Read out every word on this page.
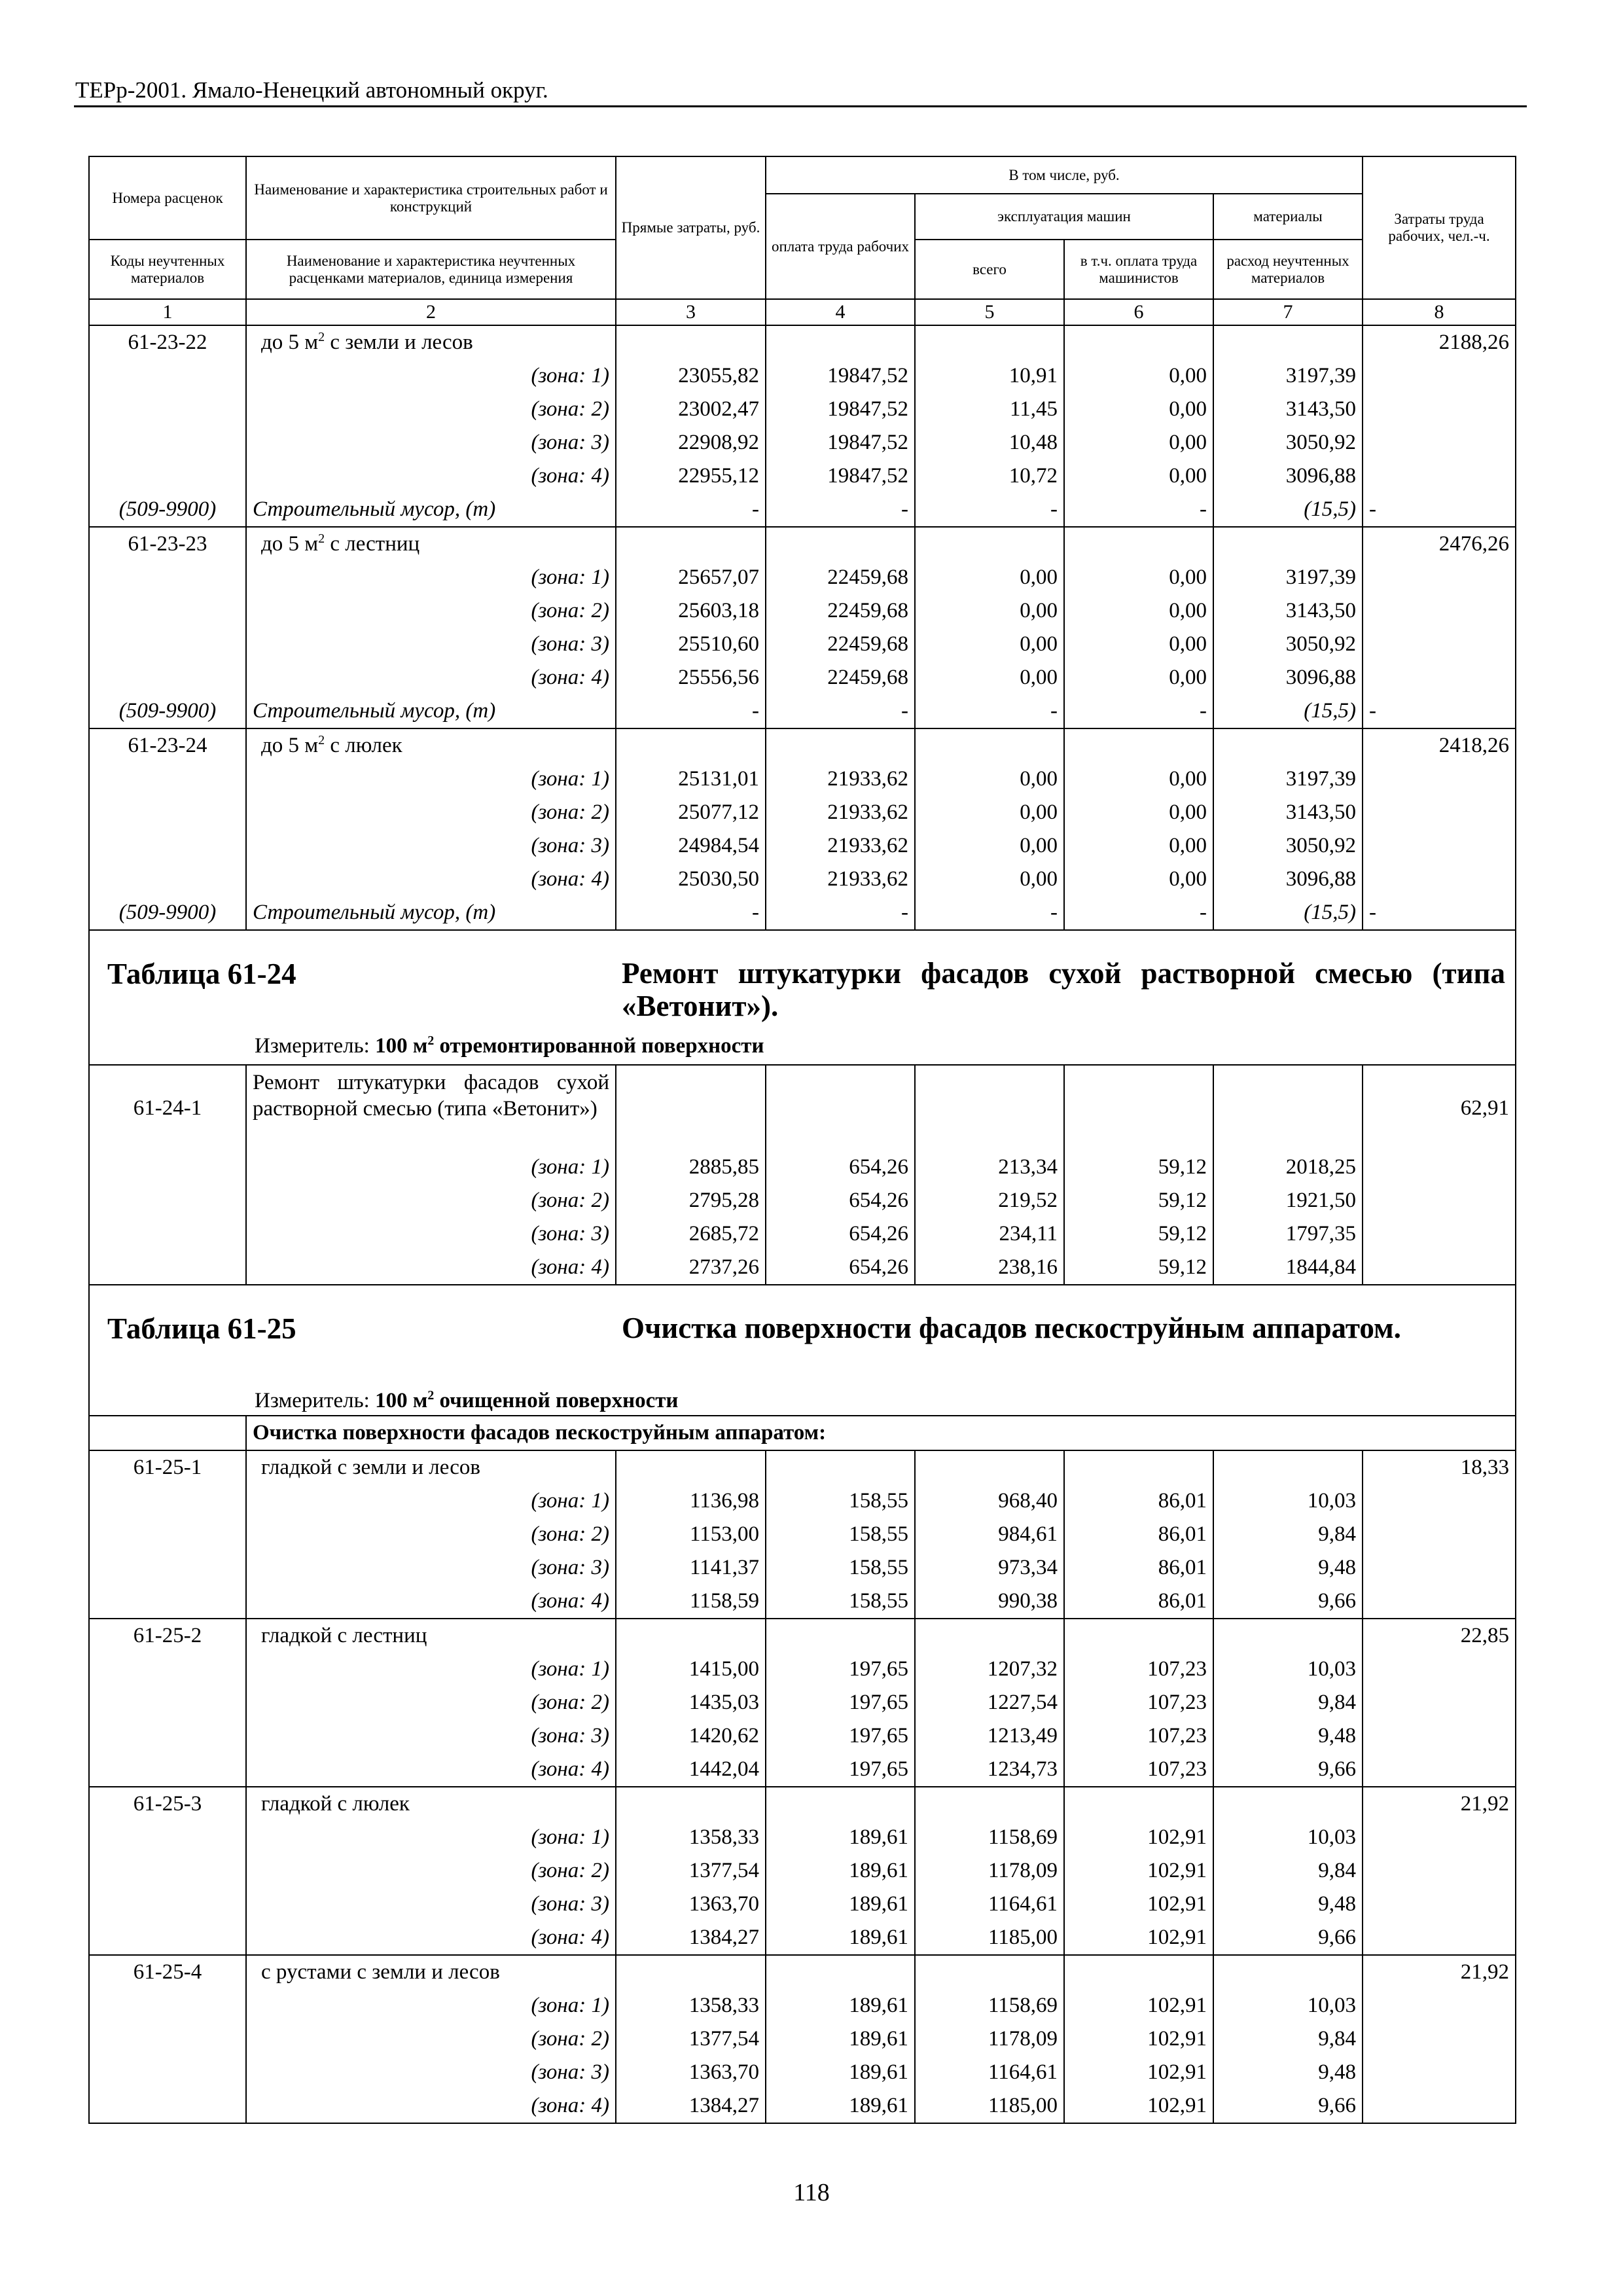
ТЕРр-2001. Ямало-Ненецкий автономный округ.
Номера расценок	Наименование и характеристика строительных работ и конструкций	Прямые затраты, руб.	В том числе, руб.				Затраты труда рабочих, чел.-ч.
			оплата труда рабочих	эксплуатация машин		материалы	
Коды неучтенных материалов	Наименование и характеристика неучтенных расценками материалов, единица измерения			всего	в т.ч. оплата труда машинистов	расход неучтенных материалов	

1	2	3	4	5	6	7	8
61-23-22	до 5 $м^2$ с земли и лесов						2188,26
	(зона: 1)	23055,82	19847,52	10,91	0,00	3197,39	
	(зона: 2)	23002,47	19847,52	11,45	0,00	3143,50	
	(зона: 3)	22908,92	19847,52	10,48	0,00	3050,92	
	(зона: 4)	22955,12	19847,52	10,72	0,00	3096,88	
(509-9900)	Строительный мусор, (т)	-	-	-	-	(15,5)	-
61-23-23	до 5 $м^2$ с лестниц						2476,26
	(зона: 1)	25657,07	22459,68	0,00	0,00	3197,39	
	(зона: 2)	25603,18	22459,68	0,00	0,00	3143,50	
	(зона: 3)	25510,60	22459,68	0,00	0,00	3050,92	
	(зона: 4)	25556,56	22459,68	0,00	0,00	3096,88	
(509-9900)	Строительный мусор, (т)	-	-	-	-	(15,5)	-
61-23-24	до 5 $м^2$ с люлек						2418,26
	(зона: 1)	25131,01	21933,62	0,00	0,00	3197,39	
	(зона: 2)	25077,12	21933,62	0,00	0,00	3143,50	
	(зона: 3)	24984,54	21933,62	0,00	0,00	3050,92	
	(зона: 4)	25030,50	21933,62	0,00	0,00	3096,88	
(509-9900)	Строительный мусор, (т)	-	-	-	-	(15,5)	-

Таблица 61-24 Ремонт штукатурки фасадов сухой растворной смесью (типа «Ветонит»).
Измеритель: 100 $м^2$ отремонтированной поверхности							

61-24-1	Ремонт штукатурки фасадов сухой растворной смесью (типа «Ветонит»)						62,91
	(зона: 1)	2885,85	654,26	213,34	59,12	2018,25	
	(зона: 2)	2795,28	654,26	219,52	59,12	1921,50	
	(зона: 3)	2685,72	654,26	234,11	59,12	1797,35	
	(зона: 4)	2737,26	654,26	238,16	59,12	1844,84	

Таблица 61-25 Очистка поверхности фасадов пескоструйным аппаратом.
Измеритель: 100 $м^2$ очищенной поверхности							

	Очистка поверхности фасадов пескоструйным аппаратом:						
61-25-1	гладкой с земли и лесов						18,33
	(зона: 1)	1136,98	158,55	968,40	86,01	10,03	
	(зона: 2)	1153,00	158,55	984,61	86,01	9,84	
	(зона: 3)	1141,37	158,55	973,34	86,01	9,48	
	(зона: 4)	1158,59	158,55	990,38	86,01	9,66	
61-25-2	гладкой с лестниц						22,85
	(зона: 1)	1415,00	197,65	1207,32	107,23	10,03	
	(зона: 2)	1435,03	197,65	1227,54	107,23	9,84	
	(зона: 3)	1420,62	197,65	1213,49	107,23	9,48	
	(зона: 4)	1442,04	197,65	1234,73	107,23	9,66	
61-25-3	гладкой с люлек						21,92
	(зона: 1)	1358,33	189,61	1158,69	102,91	10,03	
	(зона: 2)	1377,54	189,61	1178,09	102,91	9,84	
	(зона: 3)	1363,70	189,61	1164,61	102,91	9,48	
	(зона: 4)	1384,27	189,61	1185,00	102,91	9,66	
61-25-4	с рустами с земли и лесов						21,92
	(зона: 1)	1358,33	189,61	1158,69	102,91	10,03	
	(зона: 2)	1377,54	189,61	1178,09	102,91	9,84	
	(зона: 3)	1363,70	189,61	1164,61	102,91	9,48	
	(зона: 4)	1384,27	189,61	1185,00	102,91	9,66	
118
